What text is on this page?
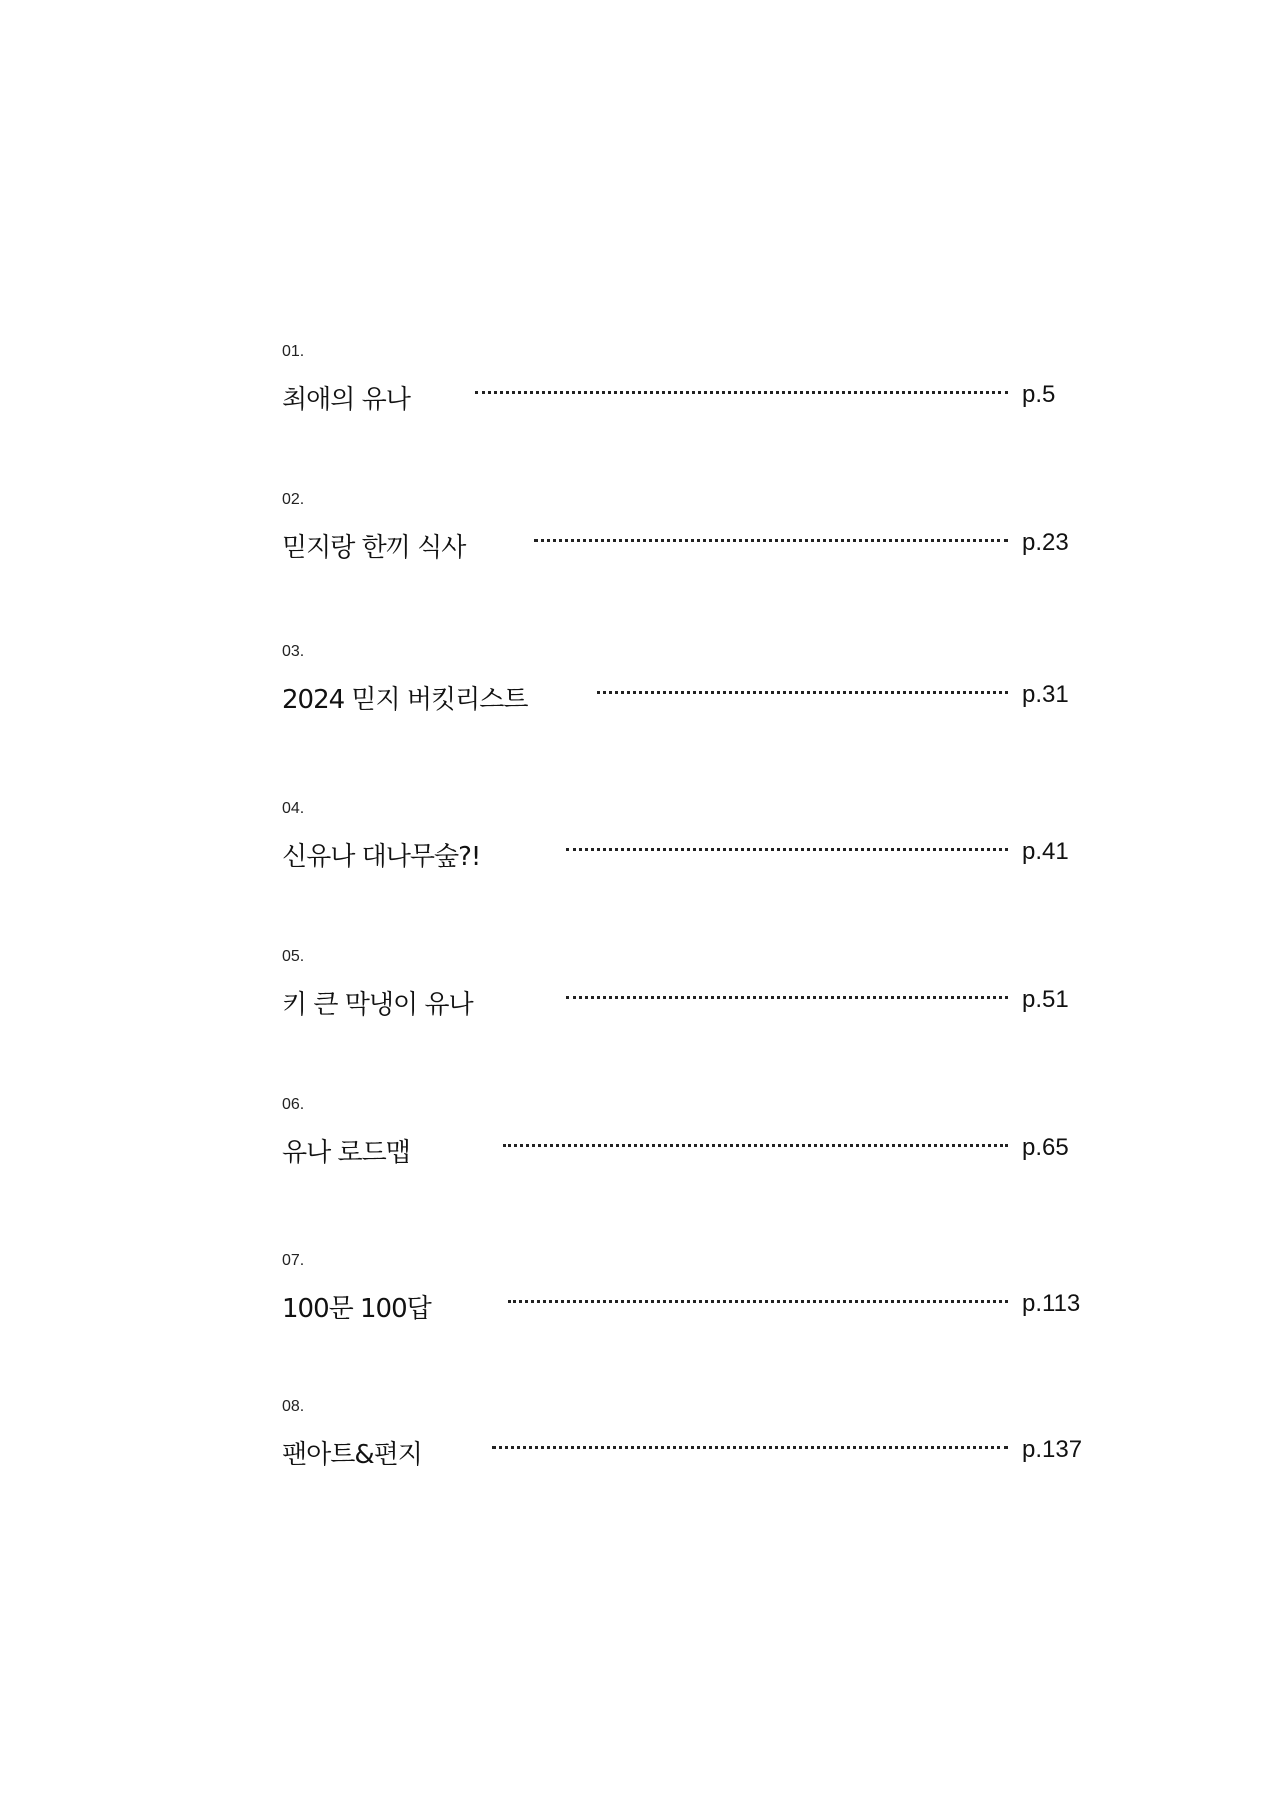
01.
최애의 유나	p.5
02.
믿지랑 한끼 식사	p.23
03.
2024 믿지 버킷리스트	p.31
04.
신유나 대나무숲?!	p.41
05.
키 큰 막냉이 유나	p.51
06.
유나 로드맵	p.65
07.
100문 100답	p.113
08.
팬아트&편지	p.137
